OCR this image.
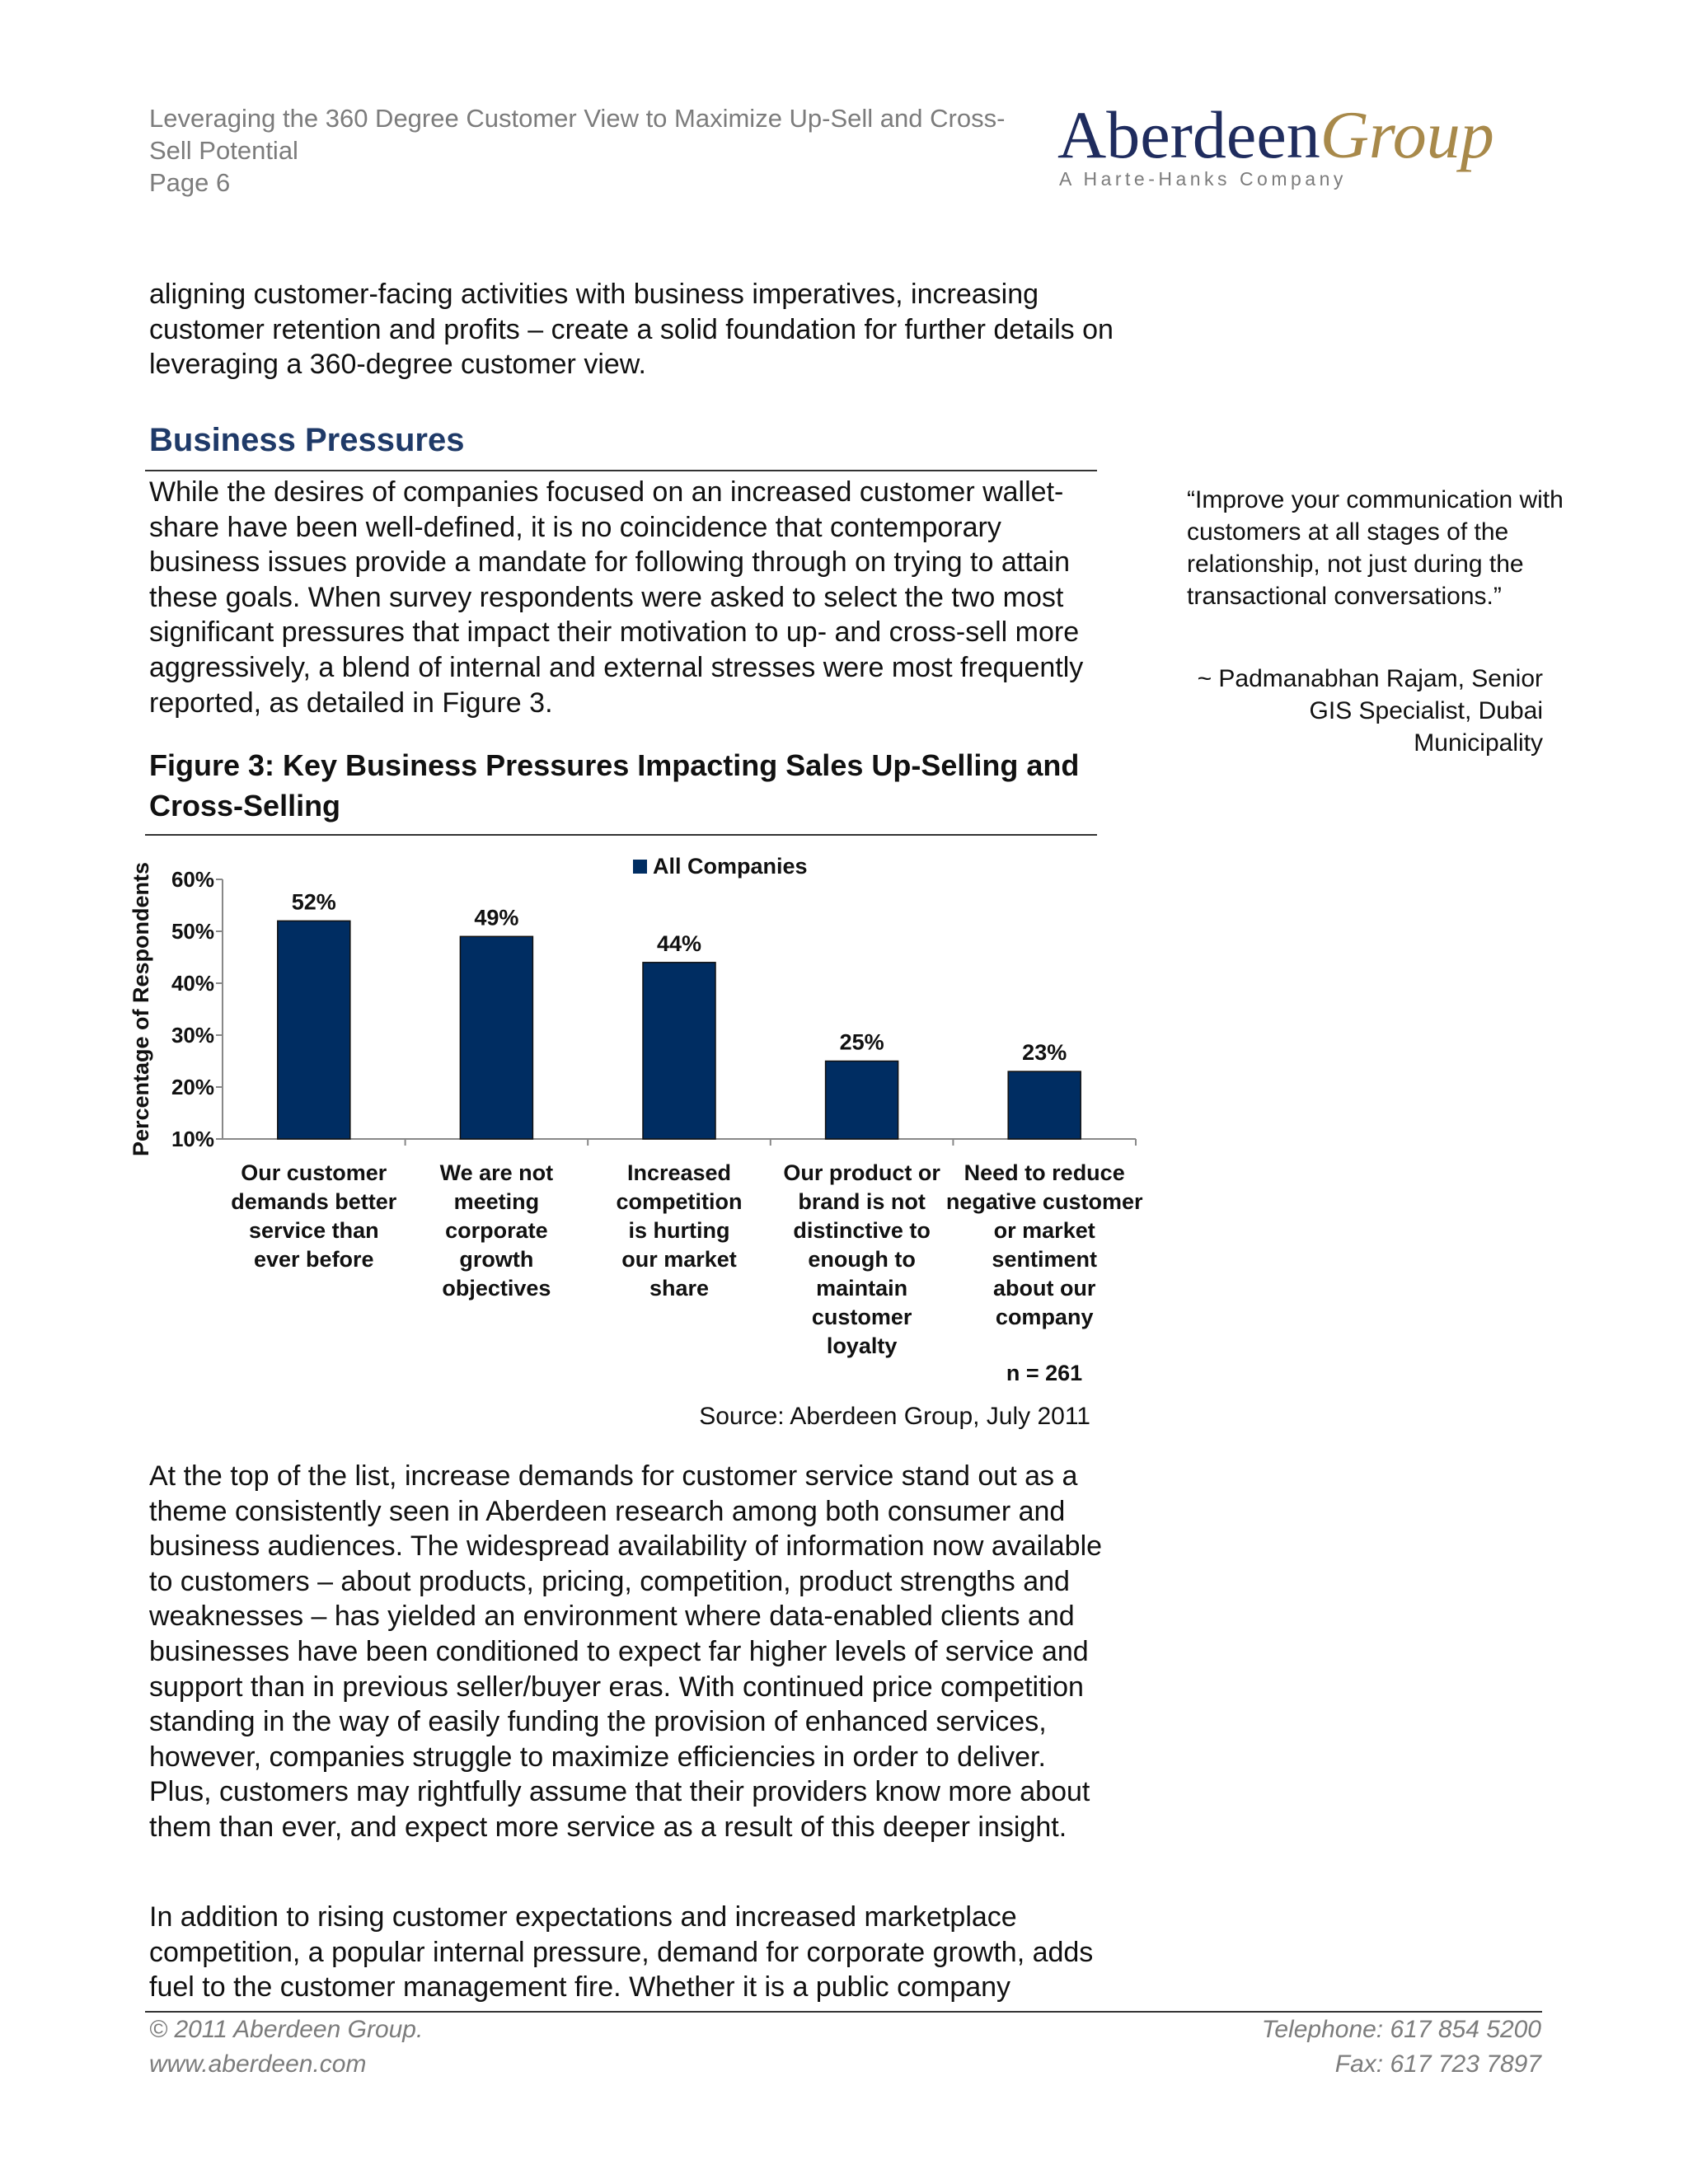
Leveraging the 360 Degree Customer View to Maximize Up-Sell and Cross-Sell Potential
Page 6
AberdeenGroup
A Harte-Hanks Company
aligning customer-facing activities with business imperatives, increasing customer retention and profits – create a solid foundation for further details on leveraging a 360-degree customer view.
Business Pressures
While the desires of companies focused on an increased customer wallet-share have been well-defined, it is no coincidence that contemporary business issues provide a mandate for following through on trying to attain these goals. When survey respondents were asked to select the two most significant pressures that impact their motivation to up- and cross-sell more aggressively, a blend of internal and external stresses were most frequently reported, as detailed in Figure 3.
“Improve your communication with customers at all stages of the relationship, not just during the transactional conversations.”
~ Padmanabhan Rajam, Senior GIS Specialist, Dubai Municipality
Figure 3: Key Business Pressures Impacting Sales Up-Selling and Cross-Selling
10%
20%
30%
40%
50%
60%
Percentage of Respondents	All Companies
52%
Our customer
demands better
service than
ever before
49%
We are not
meeting
corporate
growth
objectives
44%
Increased
competition
is hurting
our market
share
25%
Our product or
brand is not
distinctive to
enough to
maintain
customer
loyalty
23%
Need to reduce
negative customer
or market
sentiment
about our
company
n = 261
Source: Aberdeen Group, July 2011
At the top of the list, increase demands for customer service stand out as a theme consistently seen in Aberdeen research among both consumer and business audiences. The widespread availability of information now available to customers – about products, pricing, competition, product strengths and weaknesses – has yielded an environment where data-enabled clients and businesses have been conditioned to expect far higher levels of service and support than in previous seller/buyer eras. With continued price competition standing in the way of easily funding the provision of enhanced services, however, companies struggle to maximize efficiencies in order to deliver. Plus, customers may rightfully assume that their providers know more about them than ever, and expect more service as a result of this deeper insight.
In addition to rising customer expectations and increased marketplace competition, a popular internal pressure, demand for corporate growth, adds fuel to the customer management fire. Whether it is a public company
© 2011 Aberdeen Group.
www.aberdeen.com
Telephone: 617 854 5200
Fax: 617 723 7897
